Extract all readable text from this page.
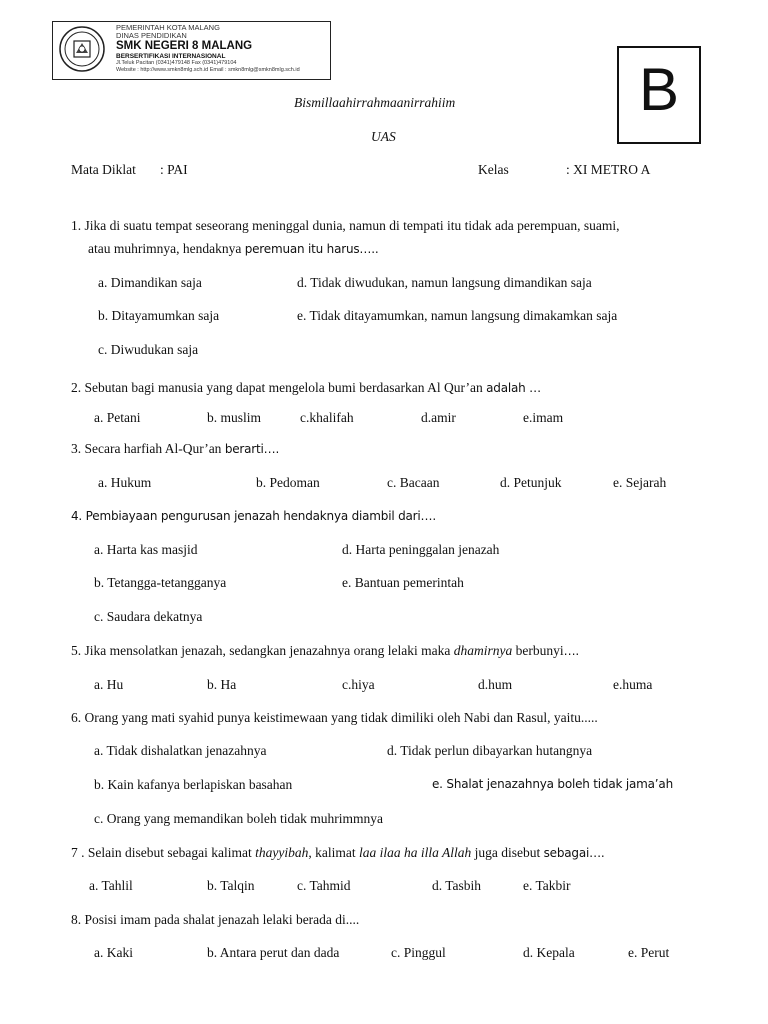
PEMERINTAH KOTA MALANG
DINAS PENDIDIKAN
SMK NEGERI 8 MALANG
BERSERTIFIKASI INTERNASIONAL
Jl.Teluk Pacitan (0341)479148 Fax (0341)479104
Website : http://www.smkn8mlg.sch.id Email : smkn8mlg@smkn8mlg.sch.id	B
Bismillaahirrahmaanirrahiim
UAS
Mata Diklat : PAI	Kelas	: XI METRO A
1. Jika di suatu tempat seseorang meninggal dunia, namun di tempati itu tidak ada perempuan, suami,
atau muhrimnya, hendaknya peremuan itu harus…..
a. Dimandikan saja	d. Tidak diwudukan, namun langsung dimandikan saja
b. Ditayamumkan saja	e. Tidak ditayamumkan, namun langsung dimakamkan saja
c. Diwudukan saja
2. Sebutan bagi manusia yang dapat mengelola bumi berdasarkan Al Qur’an adalah …
a. Petani	b. muslim	c.khalifah	d.amir	e.imam
3. Secara harfiah Al-Qur’an berarti….
a. Hukum	b. Pedoman	c. Bacaan	d. Petunjuk	e. Sejarah
4. Pembiayaan pengurusan jenazah hendaknya diambil dari….
a. Harta kas masjid	d. Harta peninggalan jenazah
b. Tetangga-tetangganya	e. Bantuan pemerintah
c. Saudara dekatnya
5. Jika mensolatkan jenazah, sedangkan jenazahnya orang lelaki maka dhamirnya berbunyi….
a. Hu	b. Ha	c.hiya	d.hum	e.huma
6. Orang yang mati syahid punya keistimewaan yang tidak dimiliki oleh Nabi dan Rasul, yaitu.....
a. Tidak dishalatkan jenazahnya	d. Tidak perlun dibayarkan hutangnya
b. Kain kafanya berlapiskan basahan	e. Shalat jenazahnya boleh tidak jama’ah
c. Orang yang memandikan boleh tidak muhrimmnya
7 . Selain disebut sebagai kalimat thayyibah, kalimat laa ilaa ha illa Allah juga disebut sebagai….
a. Tahlil	b. Talqin	c. Tahmid	d. Tasbih	e. Takbir
8. Posisi imam pada shalat jenazah lelaki berada di....
a. Kaki	b. Antara perut dan dada	c. Pinggul	d. Kepala	e. Perut
